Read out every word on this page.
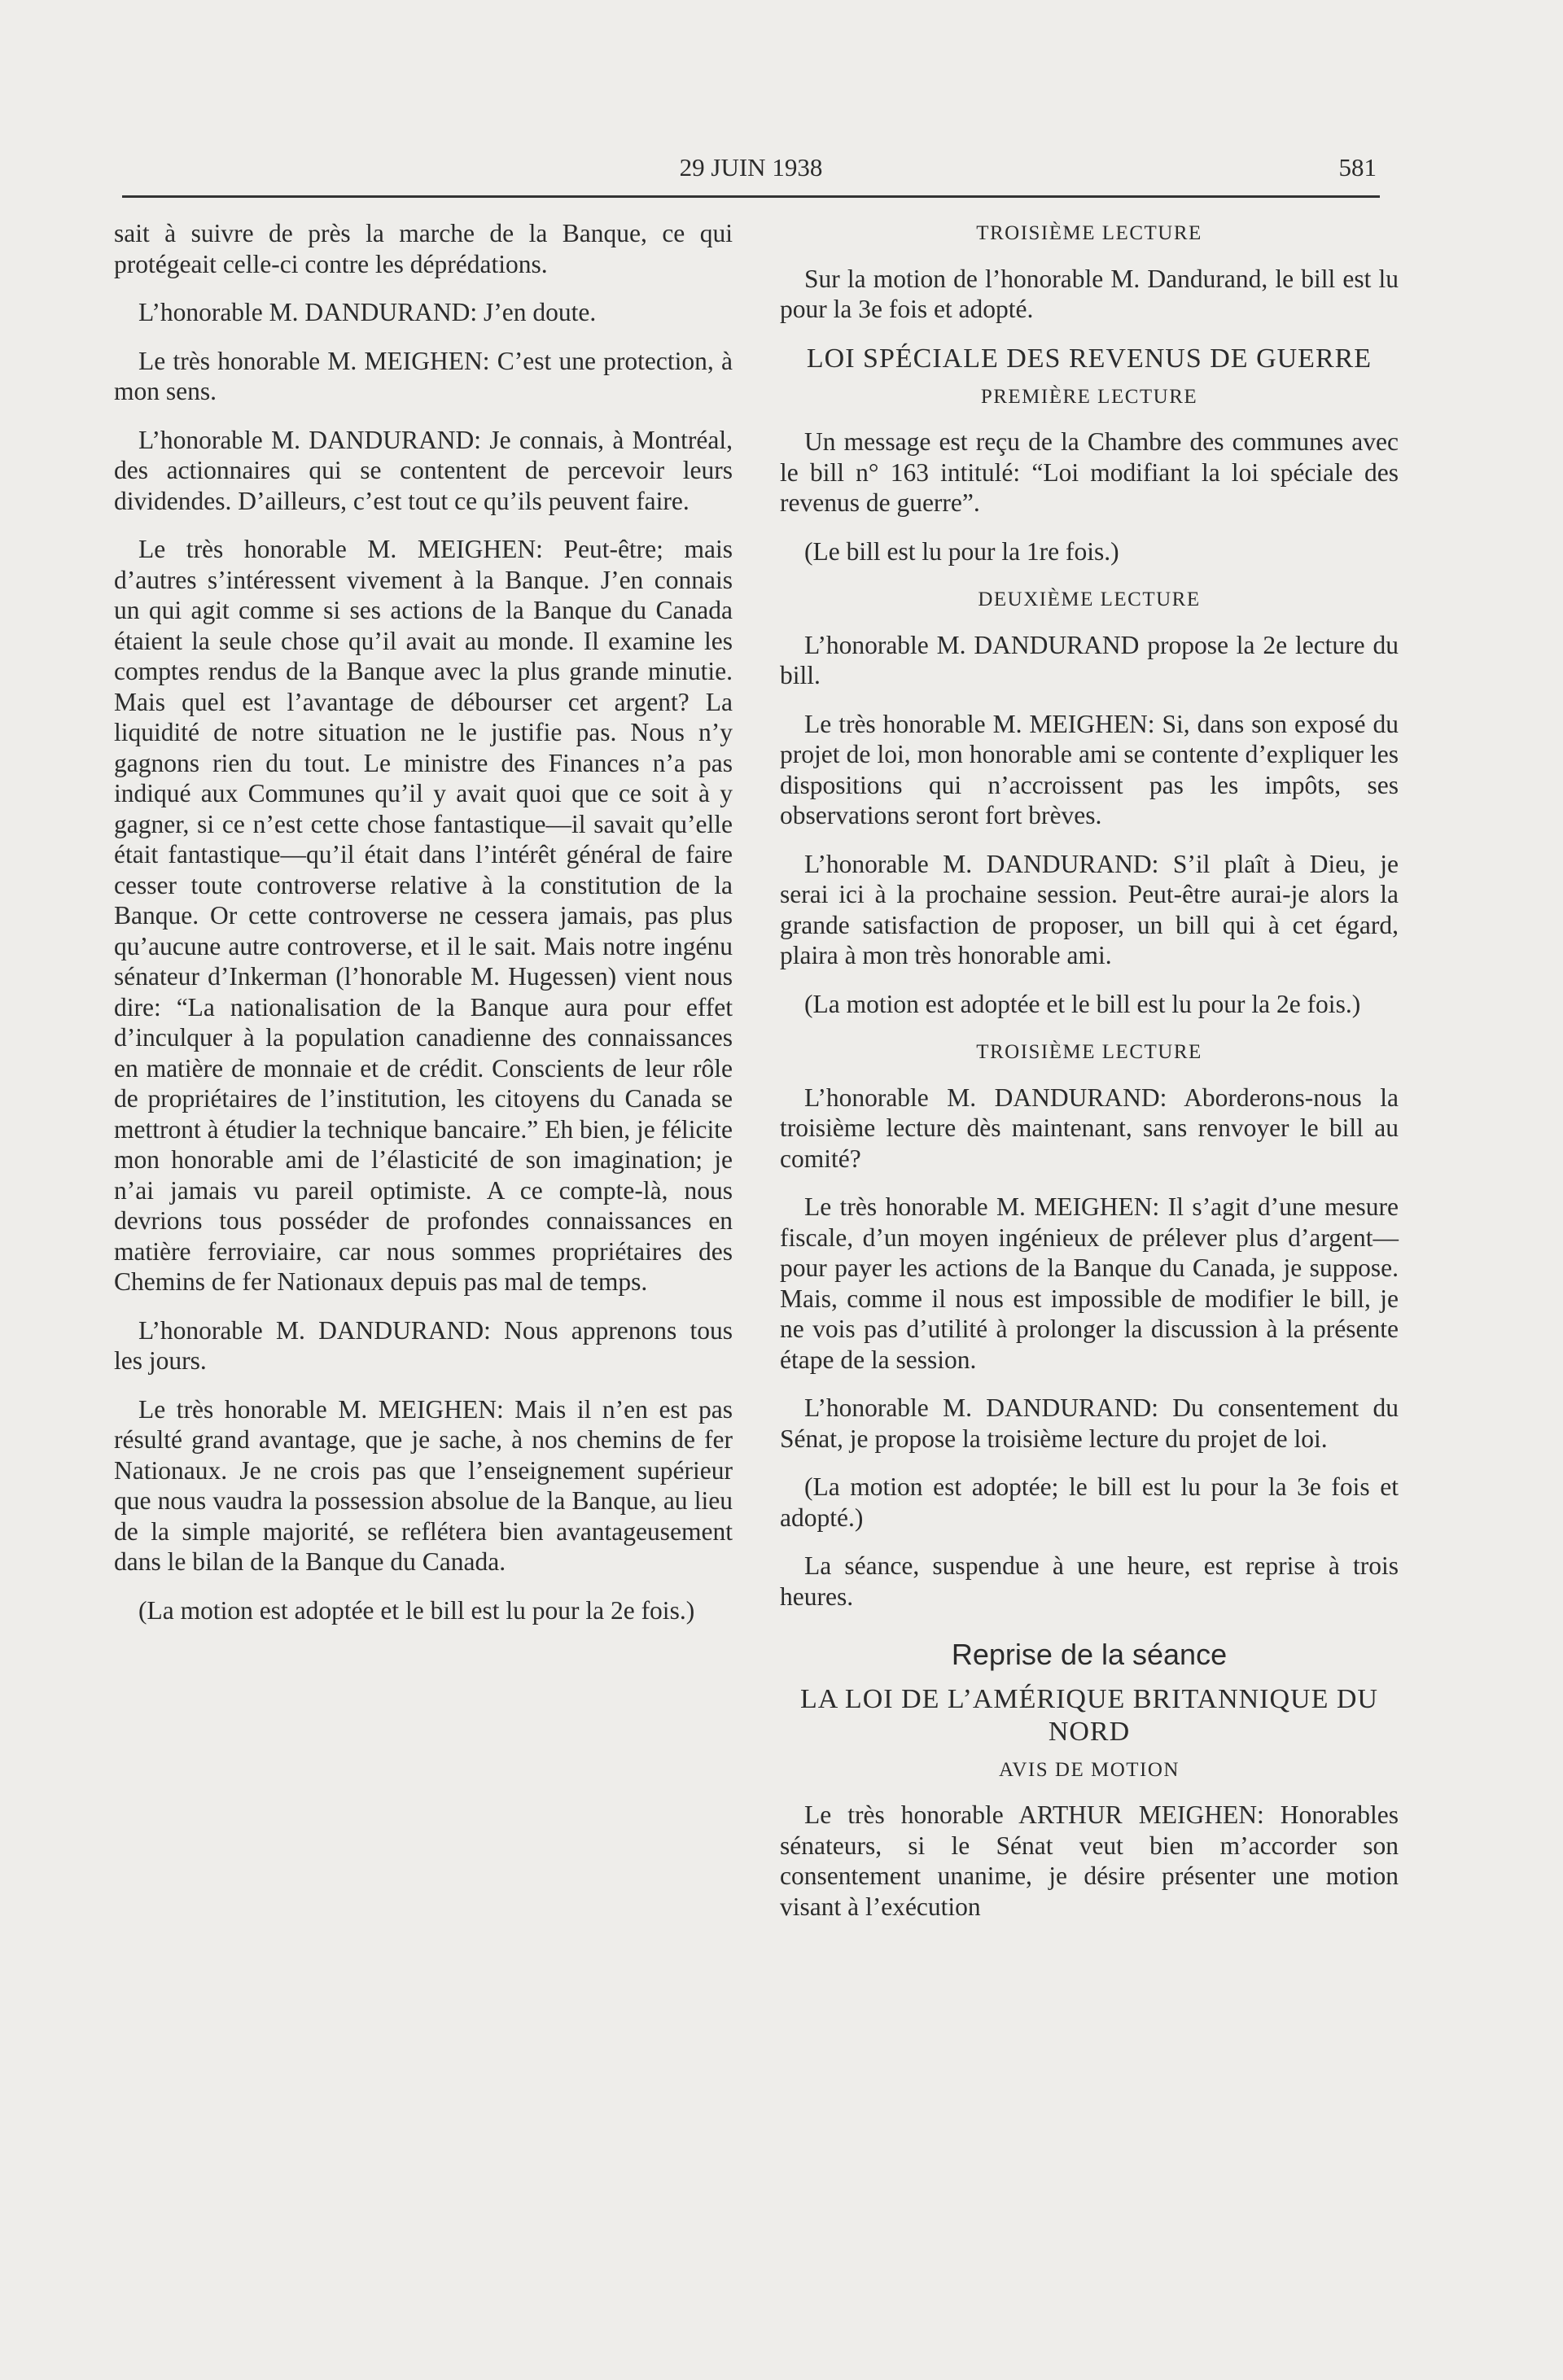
29 JUIN 1938	581

sait à suivre de près la marche de la Banque, ce qui protégeait celle-ci contre les déprédations.

L’honorable M. DANDURAND: J’en doute.

Le très honorable M. MEIGHEN: C’est une protection, à mon sens.

L’honorable M. DANDURAND: Je connais, à Montréal, des actionnaires qui se contentent de percevoir leurs dividendes. D’ailleurs, c’est tout ce qu’ils peuvent faire.

Le très honorable M. MEIGHEN: Peut-être; mais d’autres s’intéressent vivement à la Banque. J’en connais un qui agit comme si ses actions de la Banque du Canada étaient la seule chose qu’il avait au monde. Il examine les comptes rendus de la Banque avec la plus grande minutie. Mais quel est l’avantage de débourser cet argent? La liquidité de notre situation ne le justifie pas. Nous n’y gagnons rien du tout. Le ministre des Finances n’a pas indiqué aux Communes qu’il y avait quoi que ce soit à y gagner, si ce n’est cette chose fantastique—il savait qu’elle était fantastique—qu’il était dans l’intérêt général de faire cesser toute controverse relative à la constitution de la Banque. Or cette controverse ne cessera jamais, pas plus qu’aucune autre controverse, et il le sait. Mais notre ingénu sénateur d’Inkerman (l’honorable M. Hugessen) vient nous dire: “La nationalisation de la Banque aura pour effet d’inculquer à la population canadienne des connaissances en matière de monnaie et de crédit. Conscients de leur rôle de propriétaires de l’institution, les citoyens du Canada se mettront à étudier la technique bancaire.” Eh bien, je félicite mon honorable ami de l’élasticité de son imagination; je n’ai jamais vu pareil optimiste. A ce compte-là, nous devrions tous posséder de profondes connaissances en matière ferroviaire, car nous sommes propriétaires des Chemins de fer Nationaux depuis pas mal de temps.

L’honorable M. DANDURAND: Nous apprenons tous les jours.

Le très honorable M. MEIGHEN: Mais il n’en est pas résulté grand avantage, que je sache, à nos chemins de fer Nationaux. Je ne crois pas que l’enseignement supérieur que nous vaudra la possession absolue de la Banque, au lieu de la simple majorité, se reflétera bien avantageusement dans le bilan de la Banque du Canada.

(La motion est adoptée et le bill est lu pour la 2e fois.)

TROISIÈME LECTURE

Sur la motion de l’honorable M. Dandurand, le bill est lu pour la 3e fois et adopté.

LOI SPÉCIALE DES REVENUS DE GUERRE
PREMIÈRE LECTURE

Un message est reçu de la Chambre des communes avec le bill n° 163 intitulé: “Loi modifiant la loi spéciale des revenus de guerre”.

(Le bill est lu pour la 1re fois.)

DEUXIÈME LECTURE

L’honorable M. DANDURAND propose la 2e lecture du bill.

Le très honorable M. MEIGHEN: Si, dans son exposé du projet de loi, mon honorable ami se contente d’expliquer les dispositions qui n’accroissent pas les impôts, ses observations seront fort brèves.

L’honorable M. DANDURAND: S’il plaît à Dieu, je serai ici à la prochaine session. Peut-être aurai-je alors la grande satisfaction de proposer, un bill qui à cet égard, plaira à mon très honorable ami.

(La motion est adoptée et le bill est lu pour la 2e fois.)

TROISIÈME LECTURE

L’honorable M. DANDURAND: Aborderons-nous la troisième lecture dès maintenant, sans renvoyer le bill au comité?

Le très honorable M. MEIGHEN: Il s’agit d’une mesure fiscale, d’un moyen ingénieux de prélever plus d’argent—pour payer les actions de la Banque du Canada, je suppose. Mais, comme il nous est impossible de modifier le bill, je ne vois pas d’utilité à prolonger la discussion à la présente étape de la session.

L’honorable M. DANDURAND: Du consentement du Sénat, je propose la troisième lecture du projet de loi.

(La motion est adoptée; le bill est lu pour la 3e fois et adopté.)

La séance, suspendue à une heure, est reprise à trois heures.

Reprise de la séance
LA LOI DE L’AMÉRIQUE BRITANNIQUE DU NORD
AVIS DE MOTION

Le très honorable ARTHUR MEIGHEN: Honorables sénateurs, si le Sénat veut bien m’accorder son consentement unanime, je désire présenter une motion visant à l’exécution
